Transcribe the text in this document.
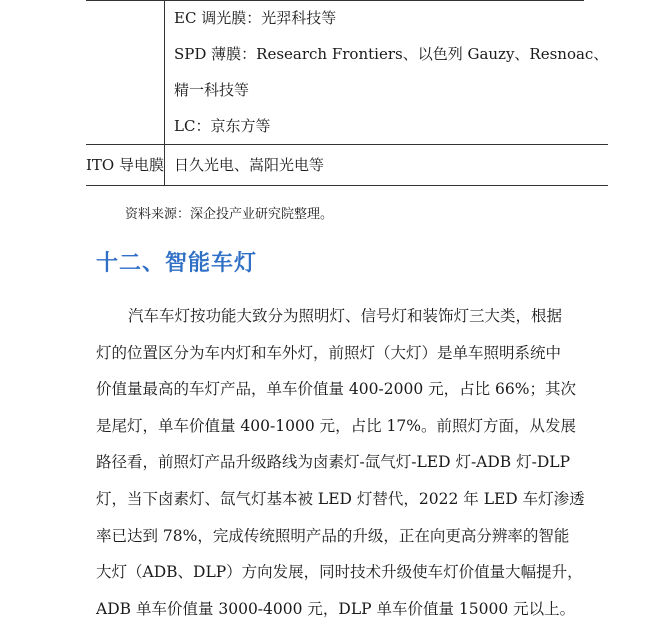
	EC 调光膜：光羿科技等
SPD 薄膜：Research Frontiers、以色列 Gauzy、Resnoac、
精一科技等
LC：京东方等

ITO 导电膜	日久光电、嵩阳光电等
资料来源：深企投产业研究院整理。
十二、智能车灯
汽车车灯按功能大致分为照明灯、信号灯和装饰灯三大类，根据
灯的位置区分为车内灯和车外灯，前照灯（大灯）是单车照明系统中
价值量最高的车灯产品，单车价值量 400-2000 元，占比 66%；其次
是尾灯，单车价值量 400-1000 元，占比 17%。前照灯方面，从发展
路径看，前照灯产品升级路线为卤素灯-氙气灯-LED 灯-ADB 灯-DLP
灯，当下卤素灯、氙气灯基本被 LED 灯替代，2022 年 LED 车灯渗透
率已达到 78%，完成传统照明产品的升级，正在向更高分辨率的智能
大灯（ADB、DLP）方向发展，同时技术升级使车灯价值量大幅提升，
ADB 单车价值量 3000-4000 元，DLP 单车价值量 15000 元以上。
